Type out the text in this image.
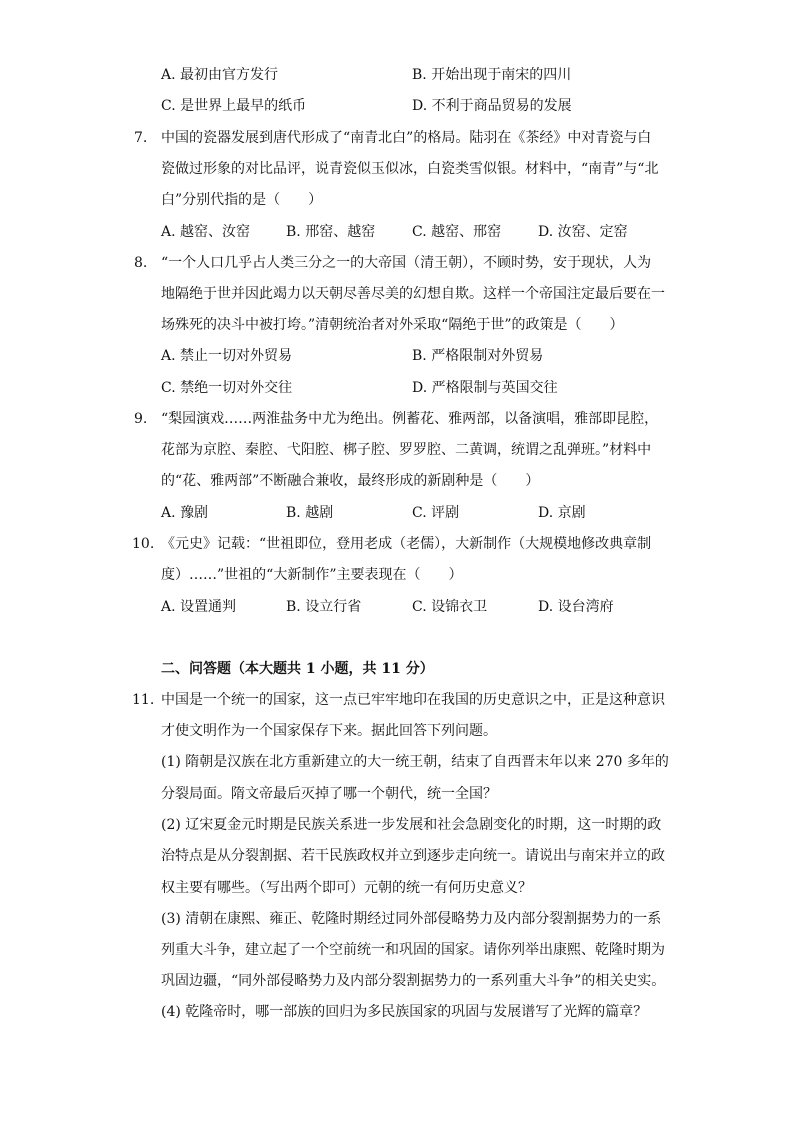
A. 最初由官方发行	B. 开始出现于南宋的四川
C. 是世界上最早的纸币	D. 不利于商品贸易的发展
7. 中国的瓷器发展到唐代形成了“南青北白”的格局。陆羽在《茶经》中对青瓷与白
瓷做过形象的对比品评，说青瓷似玉似冰，白瓷类雪似银。材料中，“南青”与“北
白”分别代指的是（　　）
A. 越窑、汝窑	B. 邢窑、越窑	C. 越窑、邢窑	D. 汝窑、定窑
8. “一个人口几乎占人类三分之一的大帝国（清王朝），不顾时势，安于现状，人为
地隔绝于世并因此竭力以天朝尽善尽美的幻想自欺。这样一个帝国注定最后要在一
场殊死的决斗中被打垮。”清朝统治者对外采取“隔绝于世”的政策是（　　）
A. 禁止一切对外贸易	B. 严格限制对外贸易
C. 禁绝一切对外交往	D. 严格限制与英国交往
9. “梨园演戏……两淮盐务中尤为绝出。例蓄花、雅两部，以备演唱，雅部即昆腔，
花部为京腔、秦腔、弋阳腔、梆子腔、罗罗腔、二黄调，统谓之乱弹班。”材料中
的“花、雅两部”不断融合兼收，最终形成的新剧种是（　　）
A. 豫剧	B. 越剧	C. 评剧	D. 京剧
10. 《元史》记载：“世祖即位，登用老成（老儒），大新制作（大规模地修改典章制
度）……”世祖的“大新制作”主要表现在（　　）
A. 设置通判	B. 设立行省	C. 设锦衣卫	D. 设台湾府
二、问答题（本大题共 1 小题，共 11 分）
11. 中国是一个统一的国家，这一点已牢牢地印在我国的历史意识之中，正是这种意识
才使文明作为一个国家保存下来。据此回答下列问题。
(1) 隋朝是汉族在北方重新建立的大一统王朝，结束了自西晋末年以来 270 多年的
分裂局面。隋文帝最后灭掉了哪一个朝代，统一全国？
(2) 辽宋夏金元时期是民族关系进一步发展和社会急剧变化的时期，这一时期的政
治特点是从分裂割据、若干民族政权并立到逐步走向统一。请说出与南宋并立的政
权主要有哪些。（写出两个即可）元朝的统一有何历史意义？
(3) 清朝在康熙、雍正、乾隆时期经过同外部侵略势力及内部分裂割据势力的一系
列重大斗争，建立起了一个空前统一和巩固的国家。请你列举出康熙、乾隆时期为
巩固边疆，“同外部侵略势力及内部分裂割据势力的一系列重大斗争”的相关史实。
(4) 乾隆帝时，哪一部族的回归为多民族国家的巩固与发展谱写了光辉的篇章？
